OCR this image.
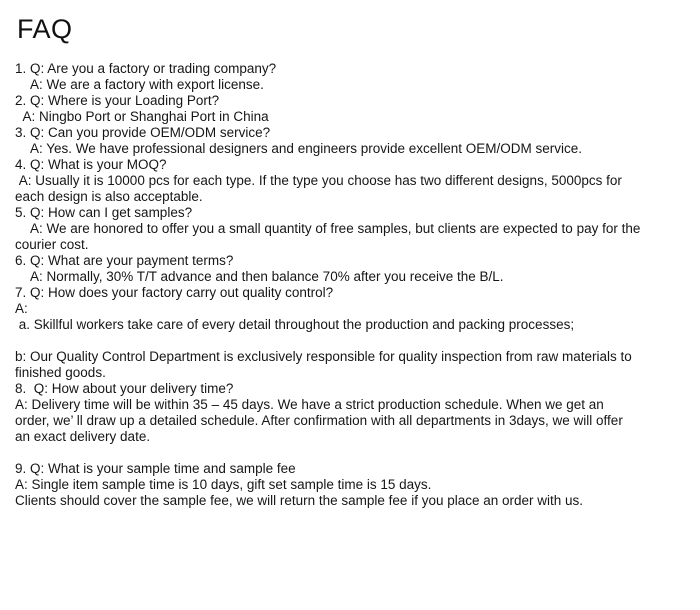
FAQ
1. Q: Are you a factory or trading company?
A: We are a factory with export license.
2. Q: Where is your Loading Port?
A: Ningbo Port or Shanghai Port in China
3. Q: Can you provide OEM/ODM service?
A: Yes. We have professional designers and engineers provide excellent OEM/ODM service.
4. Q: What is your MOQ?
A: Usually it is 10000 pcs for each type. If the type you choose has two different designs, 5000pcs for
each design is also acceptable.
5. Q: How can I get samples?
A: We are honored to offer you a small quantity of free samples, but clients are expected to pay for the
courier cost.
6. Q: What are your payment terms?
A: Normally, 30% T/T advance and then balance 70% after you receive the B/L.
7. Q: How does your factory carry out quality control?
A:
a. Skillful workers take care of every detail throughout the production and packing processes;
b: Our Quality Control Department is exclusively responsible for quality inspection from raw materials to
finished goods.
8.  Q: How about your delivery time?
A: Delivery time will be within 35 – 45 days. We have a strict production schedule. When we get an
order, we’ ll draw up a detailed schedule. After confirmation with all departments in 3days, we will offer
an exact delivery date.
9. Q: What is your sample time and sample fee
A: Single item sample time is 10 days, gift set sample time is 15 days.
Clients should cover the sample fee, we will return the sample fee if you place an order with us.
